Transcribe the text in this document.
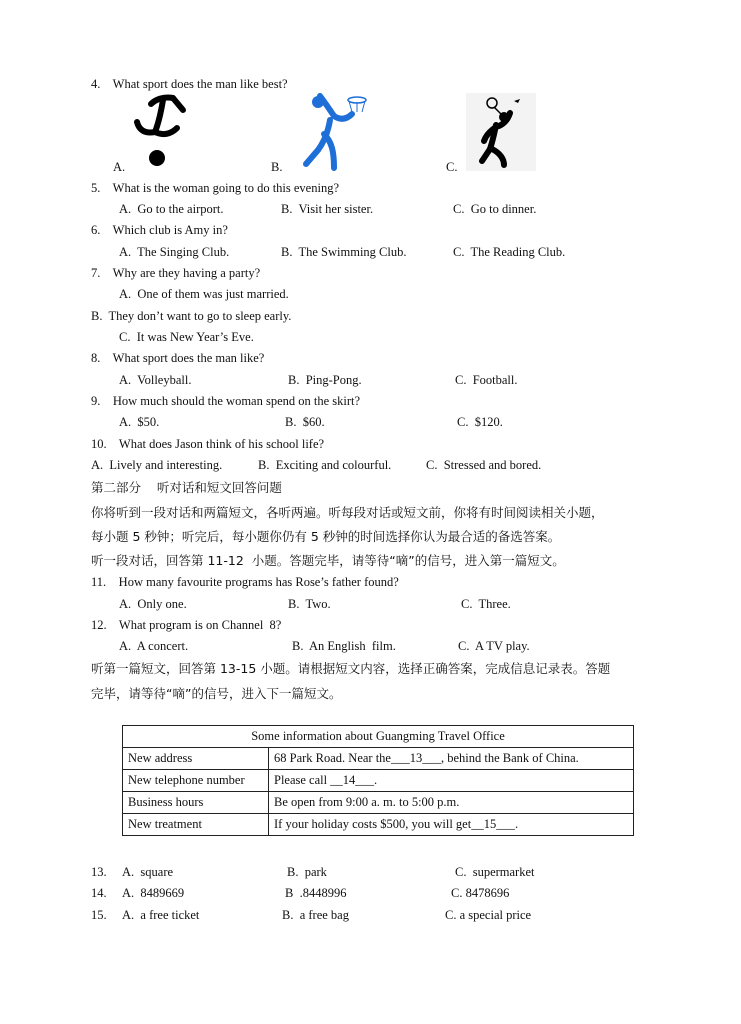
4.    What sport does the man like best?
A.	B.	C.
5.    What is the woman going to do this evening?
A.  Go to the airport.	B.  Visit her sister.	C.  Go to dinner.
6.    Which club is Amy in?
A.  The Singing Club.	B.  The Swimming Club.	C.  The Reading Club.
7.    Why are they having a party?
A.  One of them was just married.
B.  They don’t want to go to sleep early.
C.  It was New Year’s Eve.
8.    What sport does the man like?
A.  Volleyball.	B.  Ping-Pong.	C.  Football.
9.    How much should the woman spend on the skirt?
A.  $50.	B.  $60.	C.  $120.
10.    What does Jason think of his school life?
A.  Lively and interesting.	B.  Exciting and colourful.	C.  Stressed and bored.
第二部分    听对话和短文回答问题
你将听到一段对话和两篇短文，各听两遍。听每段对话或短文前，你将有时间阅读相关小题，
每小题 5 秒钟；听完后，每小题你仍有 5 秒钟的时间选择你认为最合适的备选答案。
听一段对话，回答第 11-12  小题。答题完毕，请等待“嘀”的信号，进入第一篇短文。
11.    How many favourite programs has Rose’s father found?
A.  Only one.	B.  Two.	C.  Three.
12.    What program is on Channel  8?
A.  A concert.	B.  An English  film.	C.  A TV play.
听第一篇短文，回答第 13-15 小题。请根据短文内容，选择正确答案，完成信息记录表。答题
完毕，请等待“嘀”的信号，进入下一篇短文。
Some information about Guangming Travel Office	
New address	68 Park Road. Near the___13___, behind the Bank of China.
New telephone number	Please call __14___.
Business hours	Be open from 9:00 a. m. to 5:00 p.m.
New treatment	If your holiday costs $500, you will get__15___.
13. A.  square	B.  park	C.  supermarket
14. A.  8489669	B  .8448996	C. 8478696
15. A.  a free ticket	B.  a free bag	C. a special price
